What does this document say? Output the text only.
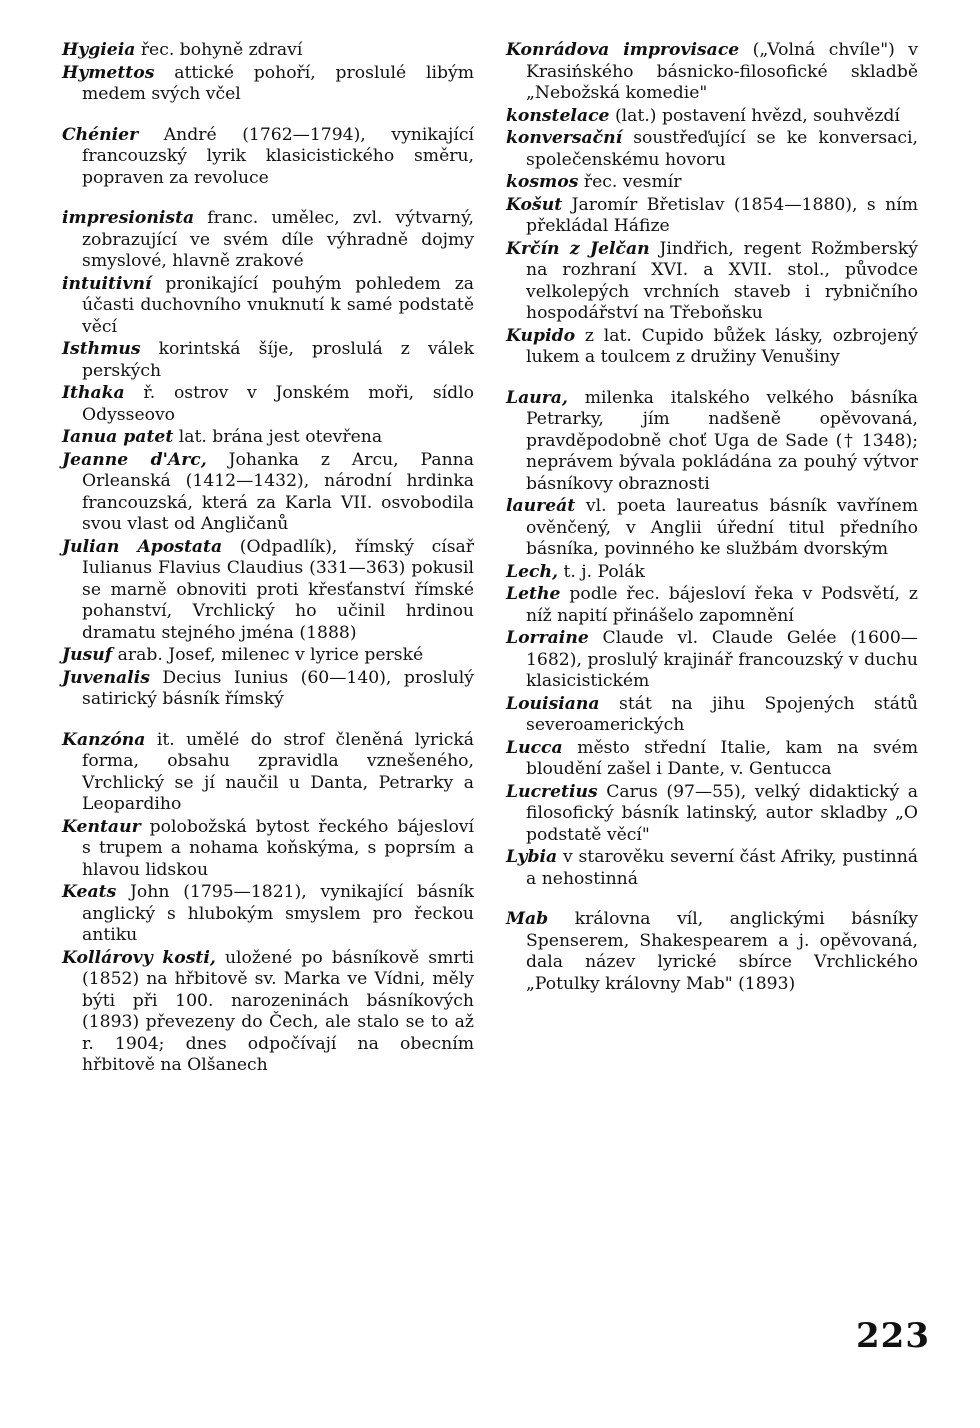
Hygieia řec. bohyně zdraví

Hymettos attické pohoří, proslulé libým medem svých včel

Chénier André (1762—1794), vynikající francouzský lyrik klasicistického směru, popraven za revoluce

impresionista franc. umělec, zvl. výtvarný, zobrazující ve svém díle výhradně dojmy smyslové, hlavně zrakové

intuitivní pronikající pouhým pohledem za účasti duchovního vnuknutí k samé podstatě věcí

Isthmus korintská šíje, proslulá z válek perských

Ithaka ř. ostrov v Jonském moři, sídlo Odysseovo

Ianua patet lat. brána jest otevřena

Jeanne d'Arc, Johanka z Arcu, Panna Orleanská (1412—1432), národní hrdinka francouzská, která za Karla VII. osvobodila svou vlast od Angličanů

Julian Apostata (Odpadlík), římský císař Iulianus Flavius Claudius (331—363) pokusil se marně obnoviti proti křesťanství římské pohanství, Vrchlický ho učinil hrdinou dramatu stejného jména (1888)

Jusuf arab. Josef, milenec v lyrice perské

Juvenalis Decius Iunius (60—140), proslulý satirický básník římský

Kanzóna it. umělé do strof členěná lyrická forma, obsahu zpravidla vznešeného, Vrchlický se jí naučil u Danta, Petrarky a Leopardiho

Kentaur polobožská bytost řeckého bájesloví s trupem a nohama koňskýma, s poprsím a hlavou lidskou

Keats John (1795—1821), vynikající básník anglický s hlubokým smyslem pro řeckou antiku

Kollárovy kosti, uložené po básníkově smrti (1852) na hřbitově sv. Marka ve Vídni, měly býti při 100. narozeninách básníkových (1893) převezeny do Čech, ale stalo se to až r. 1904; dnes odpočívají na obecním hřbitově na Olšanech

Konrádova improvisace („Volná chvíle") v Krasińského básnicko-filosofické skladbě „Nebožská komedie"

konstelace (lat.) postavení hvězd, souhvězdí

konversační soustřeďující se ke konversaci, společenskému hovoru

kosmos řec. vesmír

Košut Jaromír Břetislav (1854—1880), s ním překládal Háfize

Krčín z Jelčan Jindřich, regent Rožmberský na rozhraní XVI. a XVII. stol., původce velkolepých vrchních staveb i rybničního hospodářství na Třeboňsku

Kupido z lat. Cupido bůžek lásky, ozbrojený lukem a toulcem z družiny Venušiny

Laura, milenka italského velkého básníka Petrarky, jím nadšeně opěvovaná, pravděpodobně choť Uga de Sade († 1348); neprávem bývala pokládána za pouhý výtvor básníkovy obraznosti

laureát vl. poeta laureatus básník vavřínem ověnčený, v Anglii úřední titul předního básníka, povinného ke službám dvorským

Lech, t. j. Polák

Lethe podle řec. bájesloví řeka v Podsvětí, z níž napití přinášelo zapomnění

Lorraine Claude vl. Claude Gelée (1600—1682), proslulý krajinář francouzský v duchu klasicistickém

Louisiana stát na jihu Spojených států severoamerických

Lucca město střední Italie, kam na svém bloudění zašel i Dante, v. Gentucca

Lucretius Carus (97—55), velký didaktický a filosofický básník latinský, autor skladby „O podstatě věcí"

Lybia v starověku severní část Afriky, pustinná a nehostinná

Mab královna víl, anglickými básníky Spenserem, Shakespearem a j. opěvovaná, dala název lyrické sbírce Vrchlického „Potulky královny Mab" (1893)

223
